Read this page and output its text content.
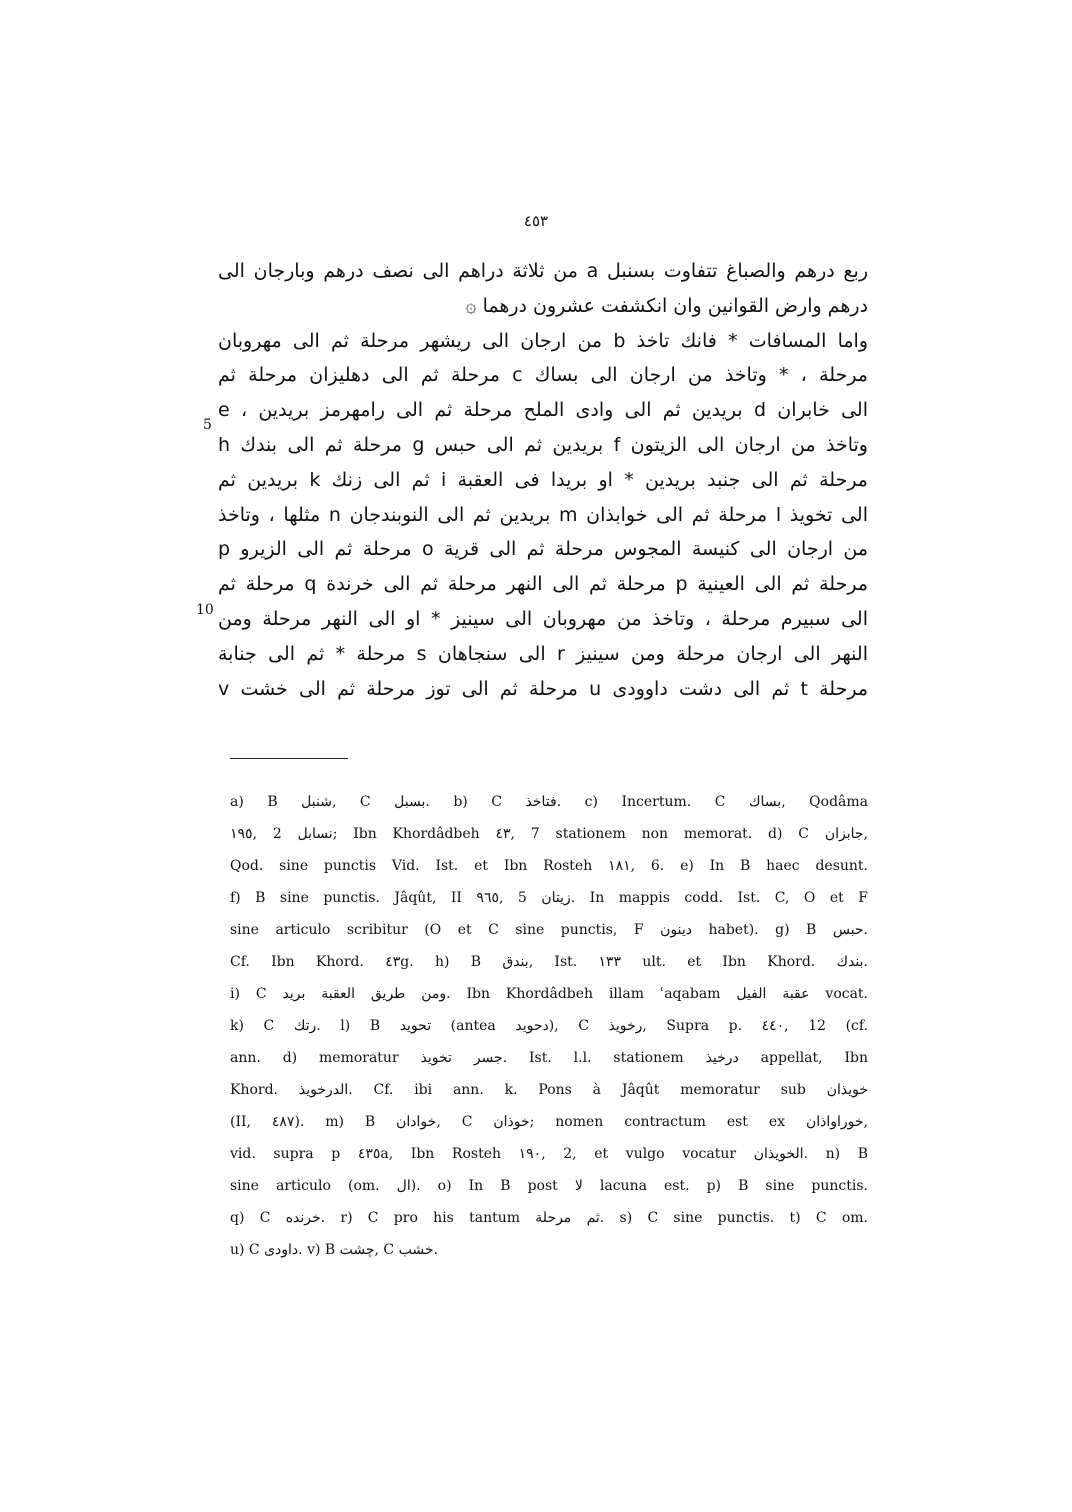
٤٥٣
ربع درهم والصباغ تتفاوت بسنبل a من ثلاثة دراهم الى نصف درهم وبارجان الى
درهم وارض القوانين وان انكشفت عشرون درهما ۞
واما المسافات * فانك تاخذ b من ارجان الى ريشهر مرحلة ثم الى مهروبان
مرحلة ، * وتاخذ من ارجان الى بساك c مرحلة ثم الى دهليزان مرحلة ثم
الى خابران d بريدين ثم الى وادى الملح مرحلة ثم الى رامهرمز بريدين ، e
وتاخذ من ارجان الى الزيتون f بريدين ثم الى حبس g مرحلة ثم الى بندك h
مرحلة ثم الى جنبد بريدين * او بريدا فى العقبة i ثم الى زنك k بريدين ثم
الى تخويذ l مرحلة ثم الى خوابذان m بريدين ثم الى النوبندجان n مثلها ، وتاخذ
من ارجان الى كنيسة المجوس مرحلة ثم الى قرية o مرحلة ثم الى الزيرو p
مرحلة ثم الى العينية p مرحلة ثم الى النهر مرحلة ثم الى خرندة q مرحلة ثم
الى سبيرم مرحلة ، وتاخذ من مهروبان الى سينيز * او الى النهر مرحلة ومن
النهر الى ارجان مرحلة ومن سينيز r الى سنجاهان s مرحلة * ثم الى جنابة
مرحلة t ثم الى دشت داوودى u مرحلة ثم الى توز مرحلة ثم الى خشت v
5
10
a) B شنبل, C بسبل. b) C فتاخذ. c) Incertum. C بساك, Qodâma
١٩٥, 2 نسابل; Ibn Khordâdbeh ٤٣, 7 stationem non memorat. d) C جابزان,
Qod. sine punctis Vid. Ist. et Ibn Rosteh ١٨١, 6. e) In B haec desunt.
f) B sine punctis. Jâqût, II ٩٦٥, 5 زيتان. In mappis codd. Ist. C, O et F
sine articulo scribitur (O et C sine punctis, F دينون habet). g) B حبس.
Cf. Ibn Khord. ٤٣g. h) B بندق, Ist. ١٣٣ ult. et Ibn Khord. بندك.
i) C ومن طريق العقبة بريد. Ibn Khordâdbeh illam ʿaqabam عقبة الفيل vocat.
k) C رتك. l) B تحويد (antea دحويد), C رخويذ, Supra p. ٤٤٠, 12 (cf.
ann. d) memoratur جسر تخويذ. Ist. l.l. stationem درخيذ appellat, Ibn
Khord. الدرخويذ. Cf. ibi ann. k. Pons à Jâqût memoratur sub خويذان
(II, ٤٨٧). m) B خوادان, C خوذان; nomen contractum est ex خوراواذان,
vid. supra p ٤٣٥a, Ibn Rosteh ١٩٠, 2, et vulgo vocatur الخويذان. n) B
sine articulo (om. ال). o) In B post لا lacuna est. p) B sine punctis.
q) C خرنده. r) C pro his tantum ثم مرحلة. s) C sine punctis. t) C om.
u) C داودى. v) B چشت, C خشب.
